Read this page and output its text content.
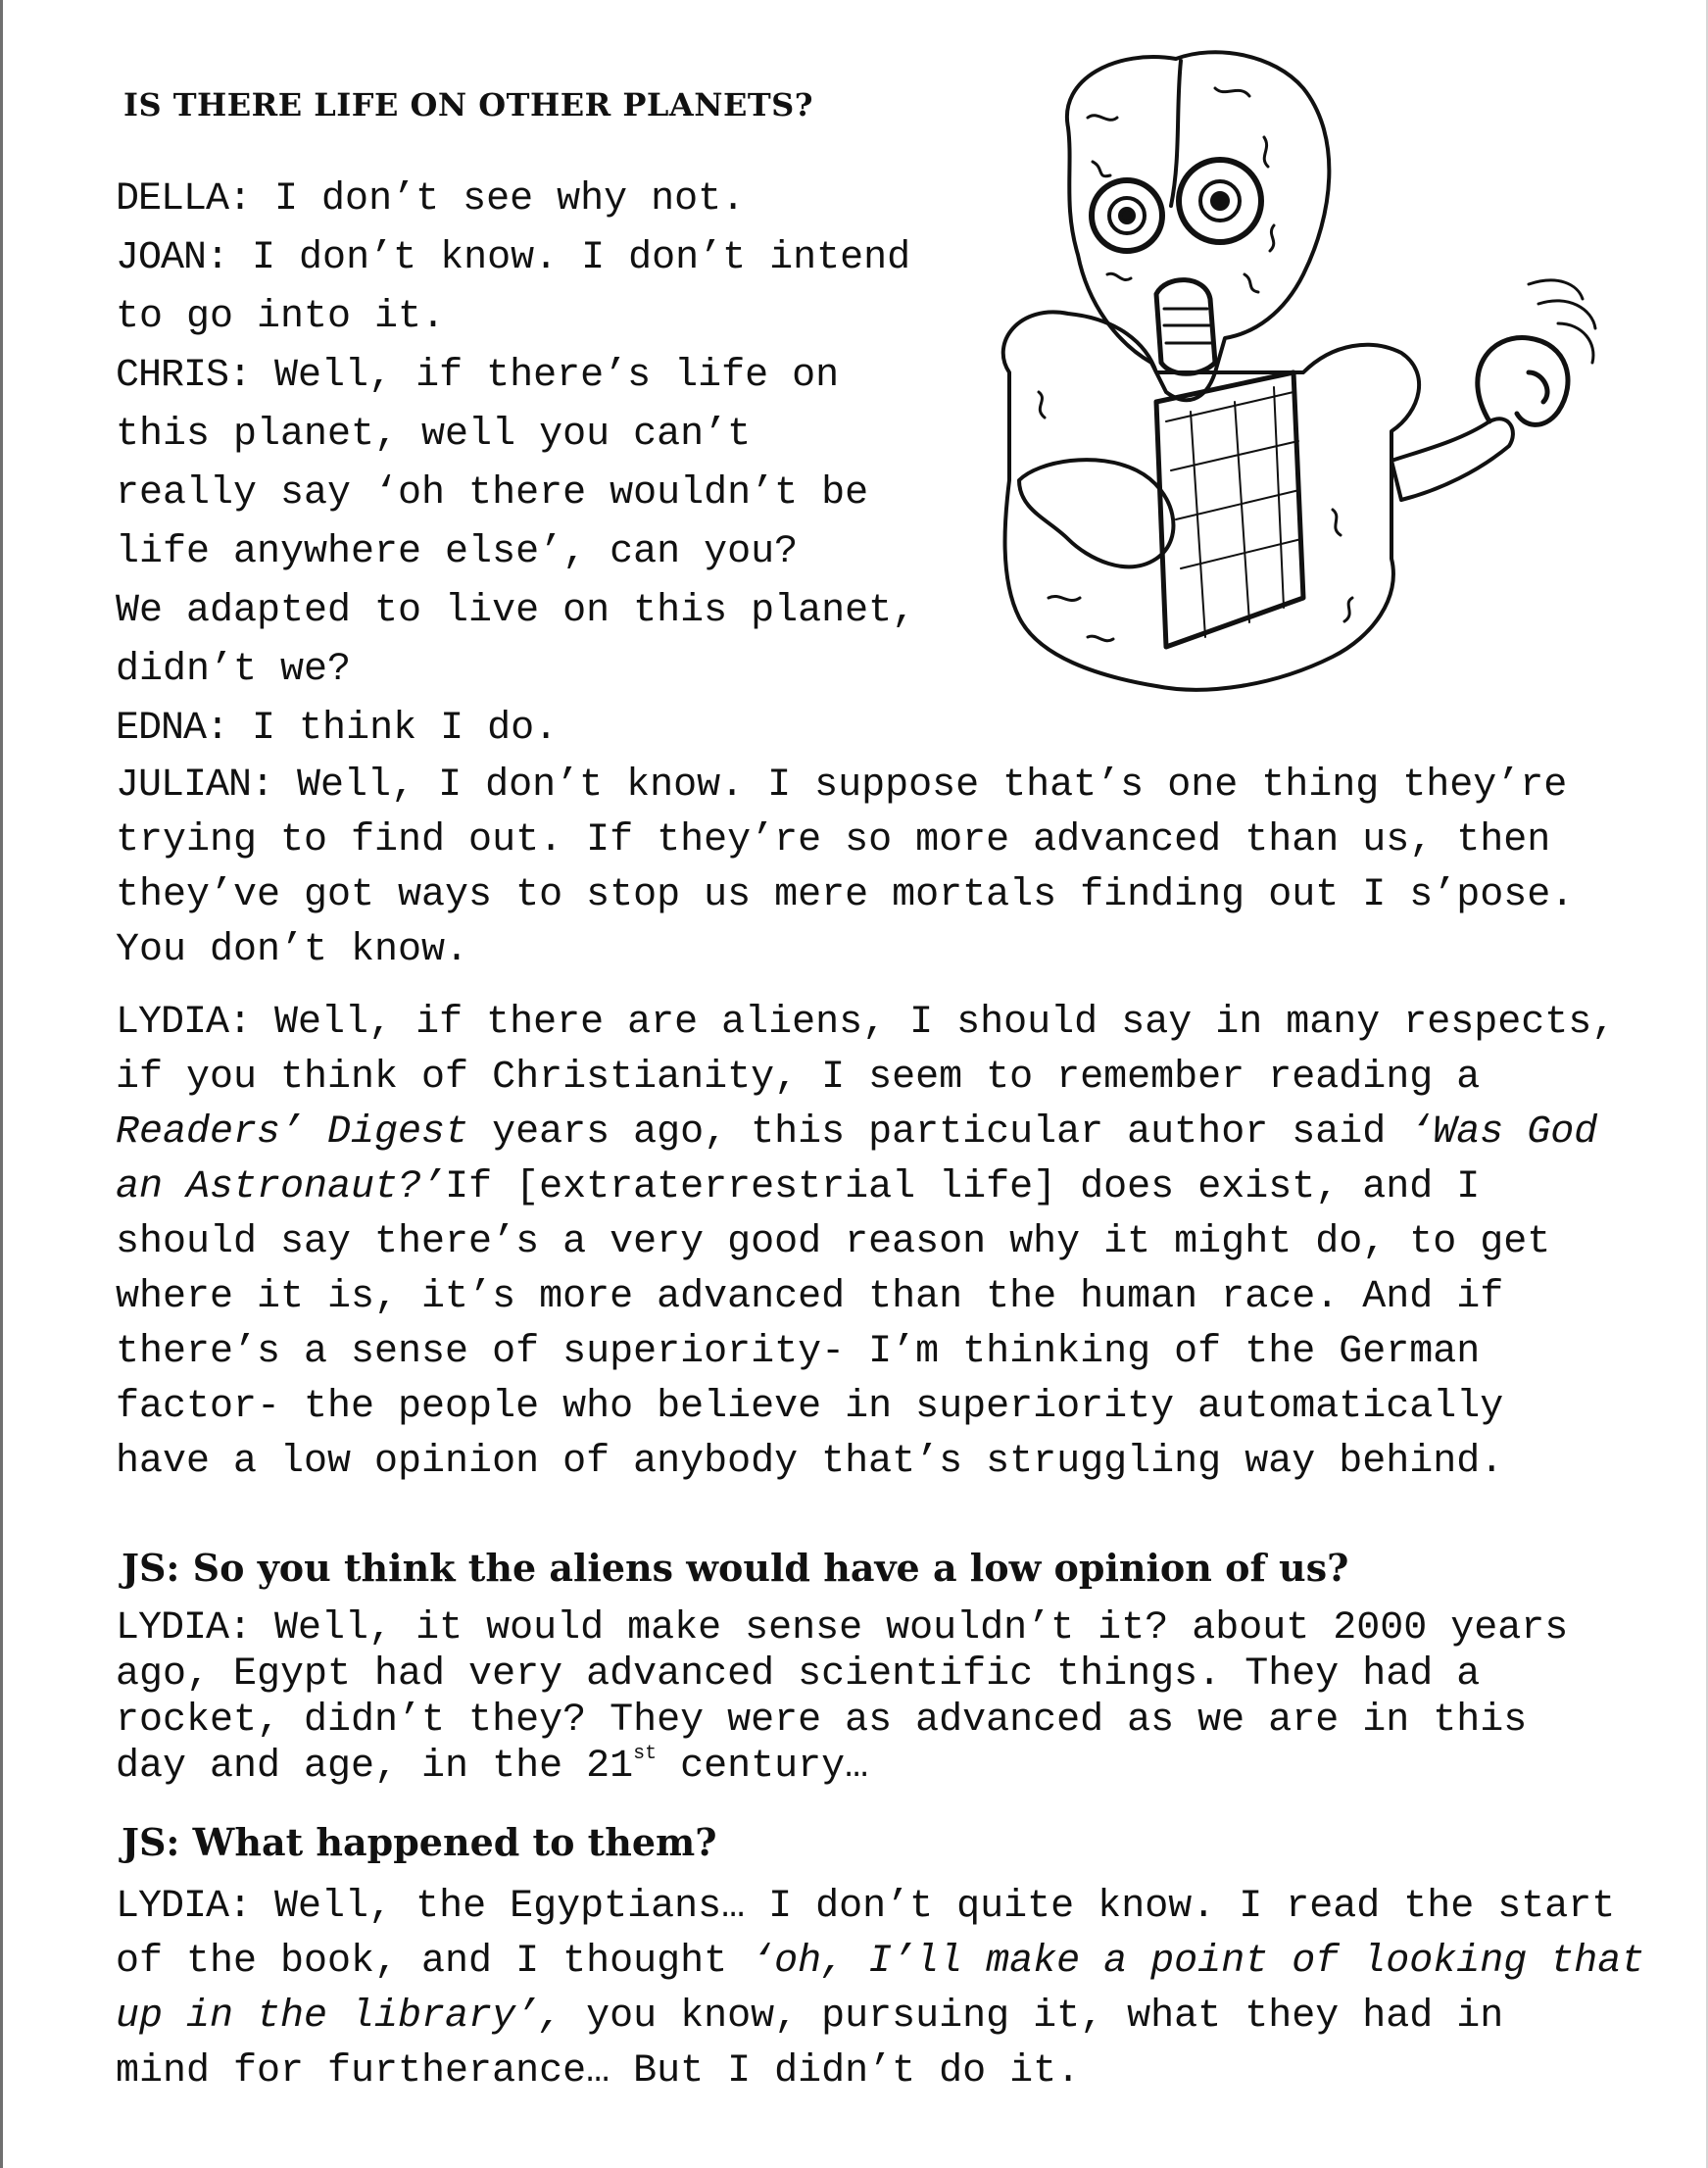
IS THERE LIFE ON OTHER PLANETS?

DELLA: I don’t see why not.

JOAN: I don’t know. I don’t intend

to go into it.

CHRIS: Well, if there’s life on

this planet, well you can’t

really say ‘oh there wouldn’t be

life anywhere else’, can you?

We adapted to live on this planet,

didn’t we?

EDNA: I think I do.

JULIAN: Well, I don’t know. I suppose that’s one thing they’re

trying to find out. If they’re so more advanced than us, then

they’ve got ways to stop us mere mortals finding out I s’pose.

You don’t know.

LYDIA: Well, if there are aliens, I should say in many respects,

if you think of Christianity, I seem to remember reading a

Readers’ Digest years ago, this particular author said ‘Was God

an Astronaut?’If [extraterrestrial life] does exist, and I

should say there’s a very good reason why it might do, to get

where it is, it’s more advanced than the human race. And if

there’s a sense of superiority- I’m thinking of the German

factor- the people who believe in superiority automatically

have a low opinion of anybody that’s struggling way behind.

JS: So you think the aliens would have a low opinion of us?

LYDIA: Well, it would make sense wouldn’t it? about 2000 years

ago, Egypt had very advanced scientific things. They had a

rocket, didn’t they? They were as advanced as we are in this

day and age, in the 21st century…

JS: What happened to them?

LYDIA: Well, the Egyptians… I don’t quite know. I read the start

of the book, and I thought ‘oh, I’ll make a point of looking that

up in the library’, you know, pursuing it, what they had in

mind for furtherance… But I didn’t do it.
